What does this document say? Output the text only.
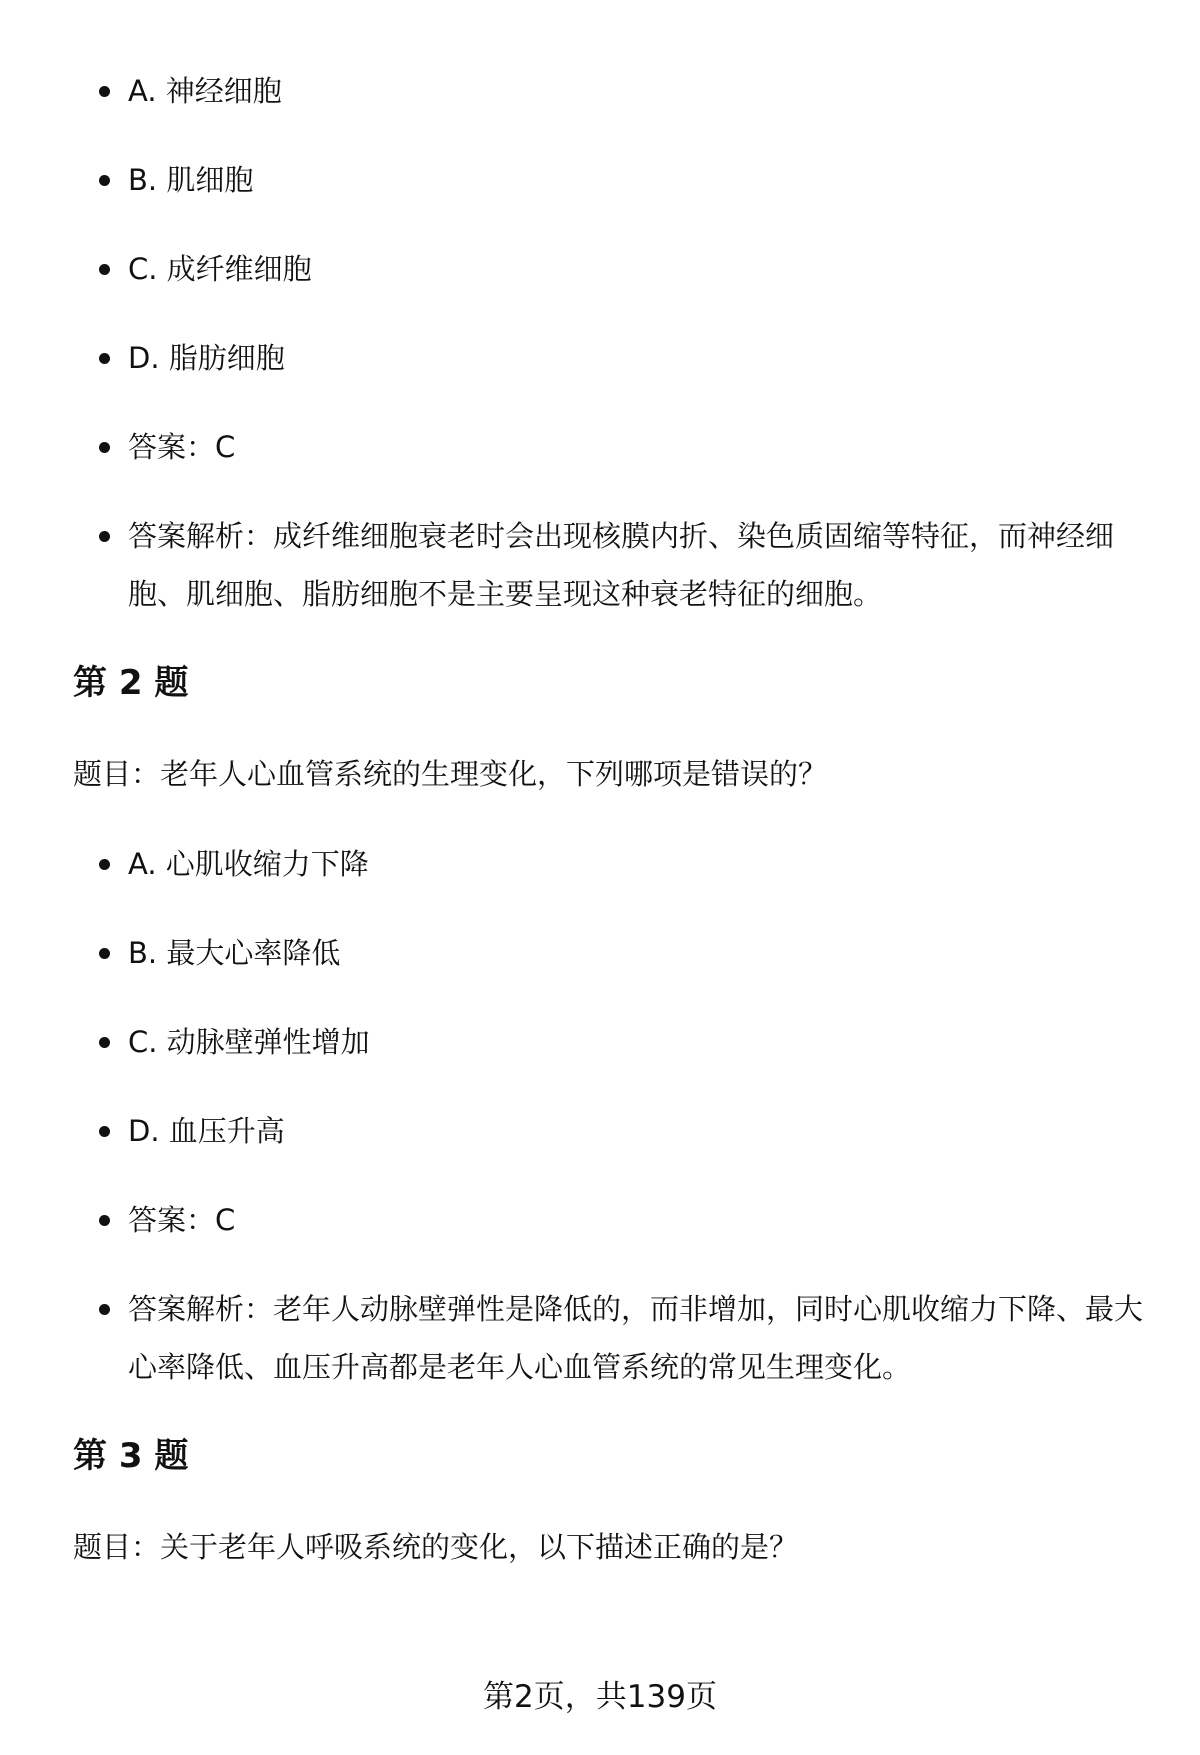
A. 神经细胞
B. 肌细胞
C. 成纤维细胞
D. 脂肪细胞
答案：C
答案解析：成纤维细胞衰老时会出现核膜内折、染色质固缩等特征，而神经细胞、肌细胞、脂肪细胞不是主要呈现这种衰老特征的细胞。
第 2 题

题目：老年人心血管系统的生理变化，下列哪项是错误的？

A. 心肌收缩力下降
B. 最大心率降低
C. 动脉壁弹性增加
D. 血压升高
答案：C
答案解析：老年人动脉壁弹性是降低的，而非增加，同时心肌收缩力下降、最大心率降低、血压升高都是老年人心血管系统的常见生理变化。
第 3 题

题目：关于老年人呼吸系统的变化，以下描述正确的是？

第2页，共139页
